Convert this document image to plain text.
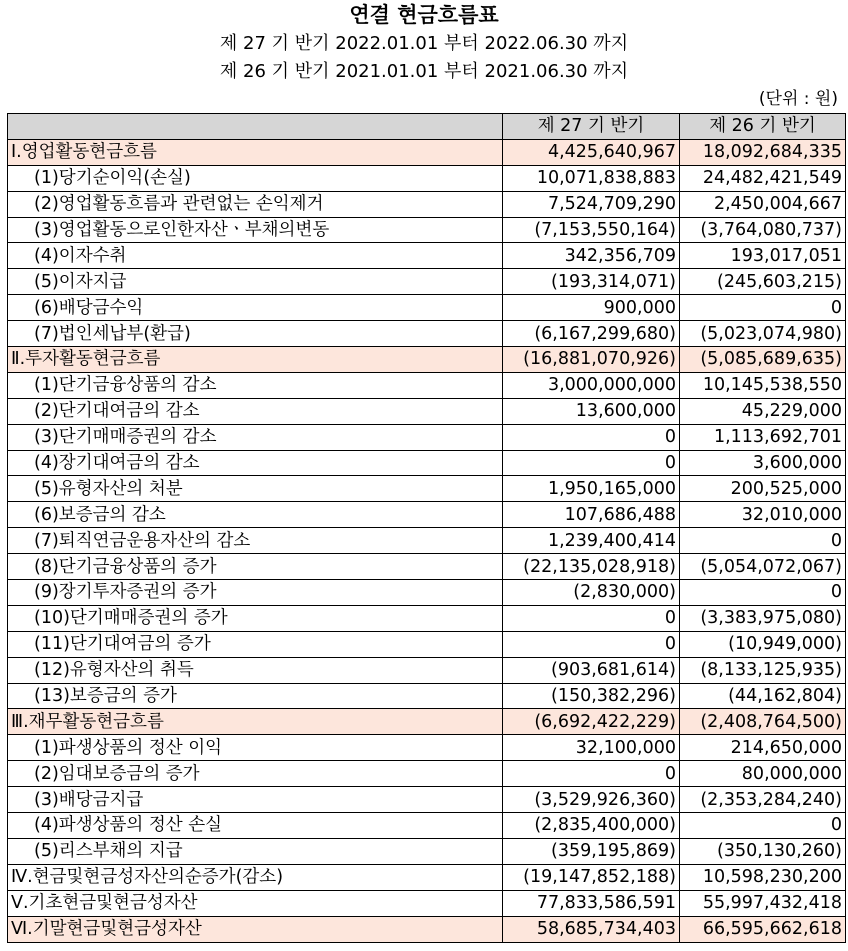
연결 현금흐름표
제 27 기 반기 2022.01.01 부터 2022.06.30 까지
제 26 기 반기 2021.01.01 부터 2021.06.30 까지
(단위 : 원)
	제 27 기 반기	제 26 기 반기
Ⅰ.영업활동현금흐름	4,425,640,967	18,092,684,335
(1)당기순이익(손실)	10,071,838,883	24,482,421,549
(2)영업활동흐름과 관련없는 손익제거	7,524,709,290	2,450,004,667
(3)영업활동으로인한자산ㆍ부채의변동	(7,153,550,164)	(3,764,080,737)
(4)이자수취	342,356,709	193,017,051
(5)이자지급	(193,314,071)	(245,603,215)
(6)배당금수익	900,000	0
(7)법인세납부(환급)	(6,167,299,680)	(5,023,074,980)
Ⅱ.투자활동현금흐름	(16,881,070,926)	(5,085,689,635)
(1)단기금융상품의 감소	3,000,000,000	10,145,538,550
(2)단기대여금의 감소	13,600,000	45,229,000
(3)단기매매증권의 감소	0	1,113,692,701
(4)장기대여금의 감소	0	3,600,000
(5)유형자산의 처분	1,950,165,000	200,525,000
(6)보증금의 감소	107,686,488	32,010,000
(7)퇴직연금운용자산의 감소	1,239,400,414	0
(8)단기금융상품의 증가	(22,135,028,918)	(5,054,072,067)
(9)장기투자증권의 증가	(2,830,000)	0
(10)단기매매증권의 증가	0	(3,383,975,080)
(11)단기대여금의 증가	0	(10,949,000)
(12)유형자산의 취득	(903,681,614)	(8,133,125,935)
(13)보증금의 증가	(150,382,296)	(44,162,804)
Ⅲ.재무활동현금흐름	(6,692,422,229)	(2,408,764,500)
(1)파생상품의 정산 이익	32,100,000	214,650,000
(2)임대보증금의 증가	0	80,000,000
(3)배당금지급	(3,529,926,360)	(2,353,284,240)
(4)파생상품의 정산 손실	(2,835,400,000)	0
(5)리스부채의 지급	(359,195,869)	(350,130,260)
Ⅳ.현금및현금성자산의순증가(감소)	(19,147,852,188)	10,598,230,200
Ⅴ.기초현금및현금성자산	77,833,586,591	55,997,432,418
Ⅵ.기말현금및현금성자산	58,685,734,403	66,595,662,618
